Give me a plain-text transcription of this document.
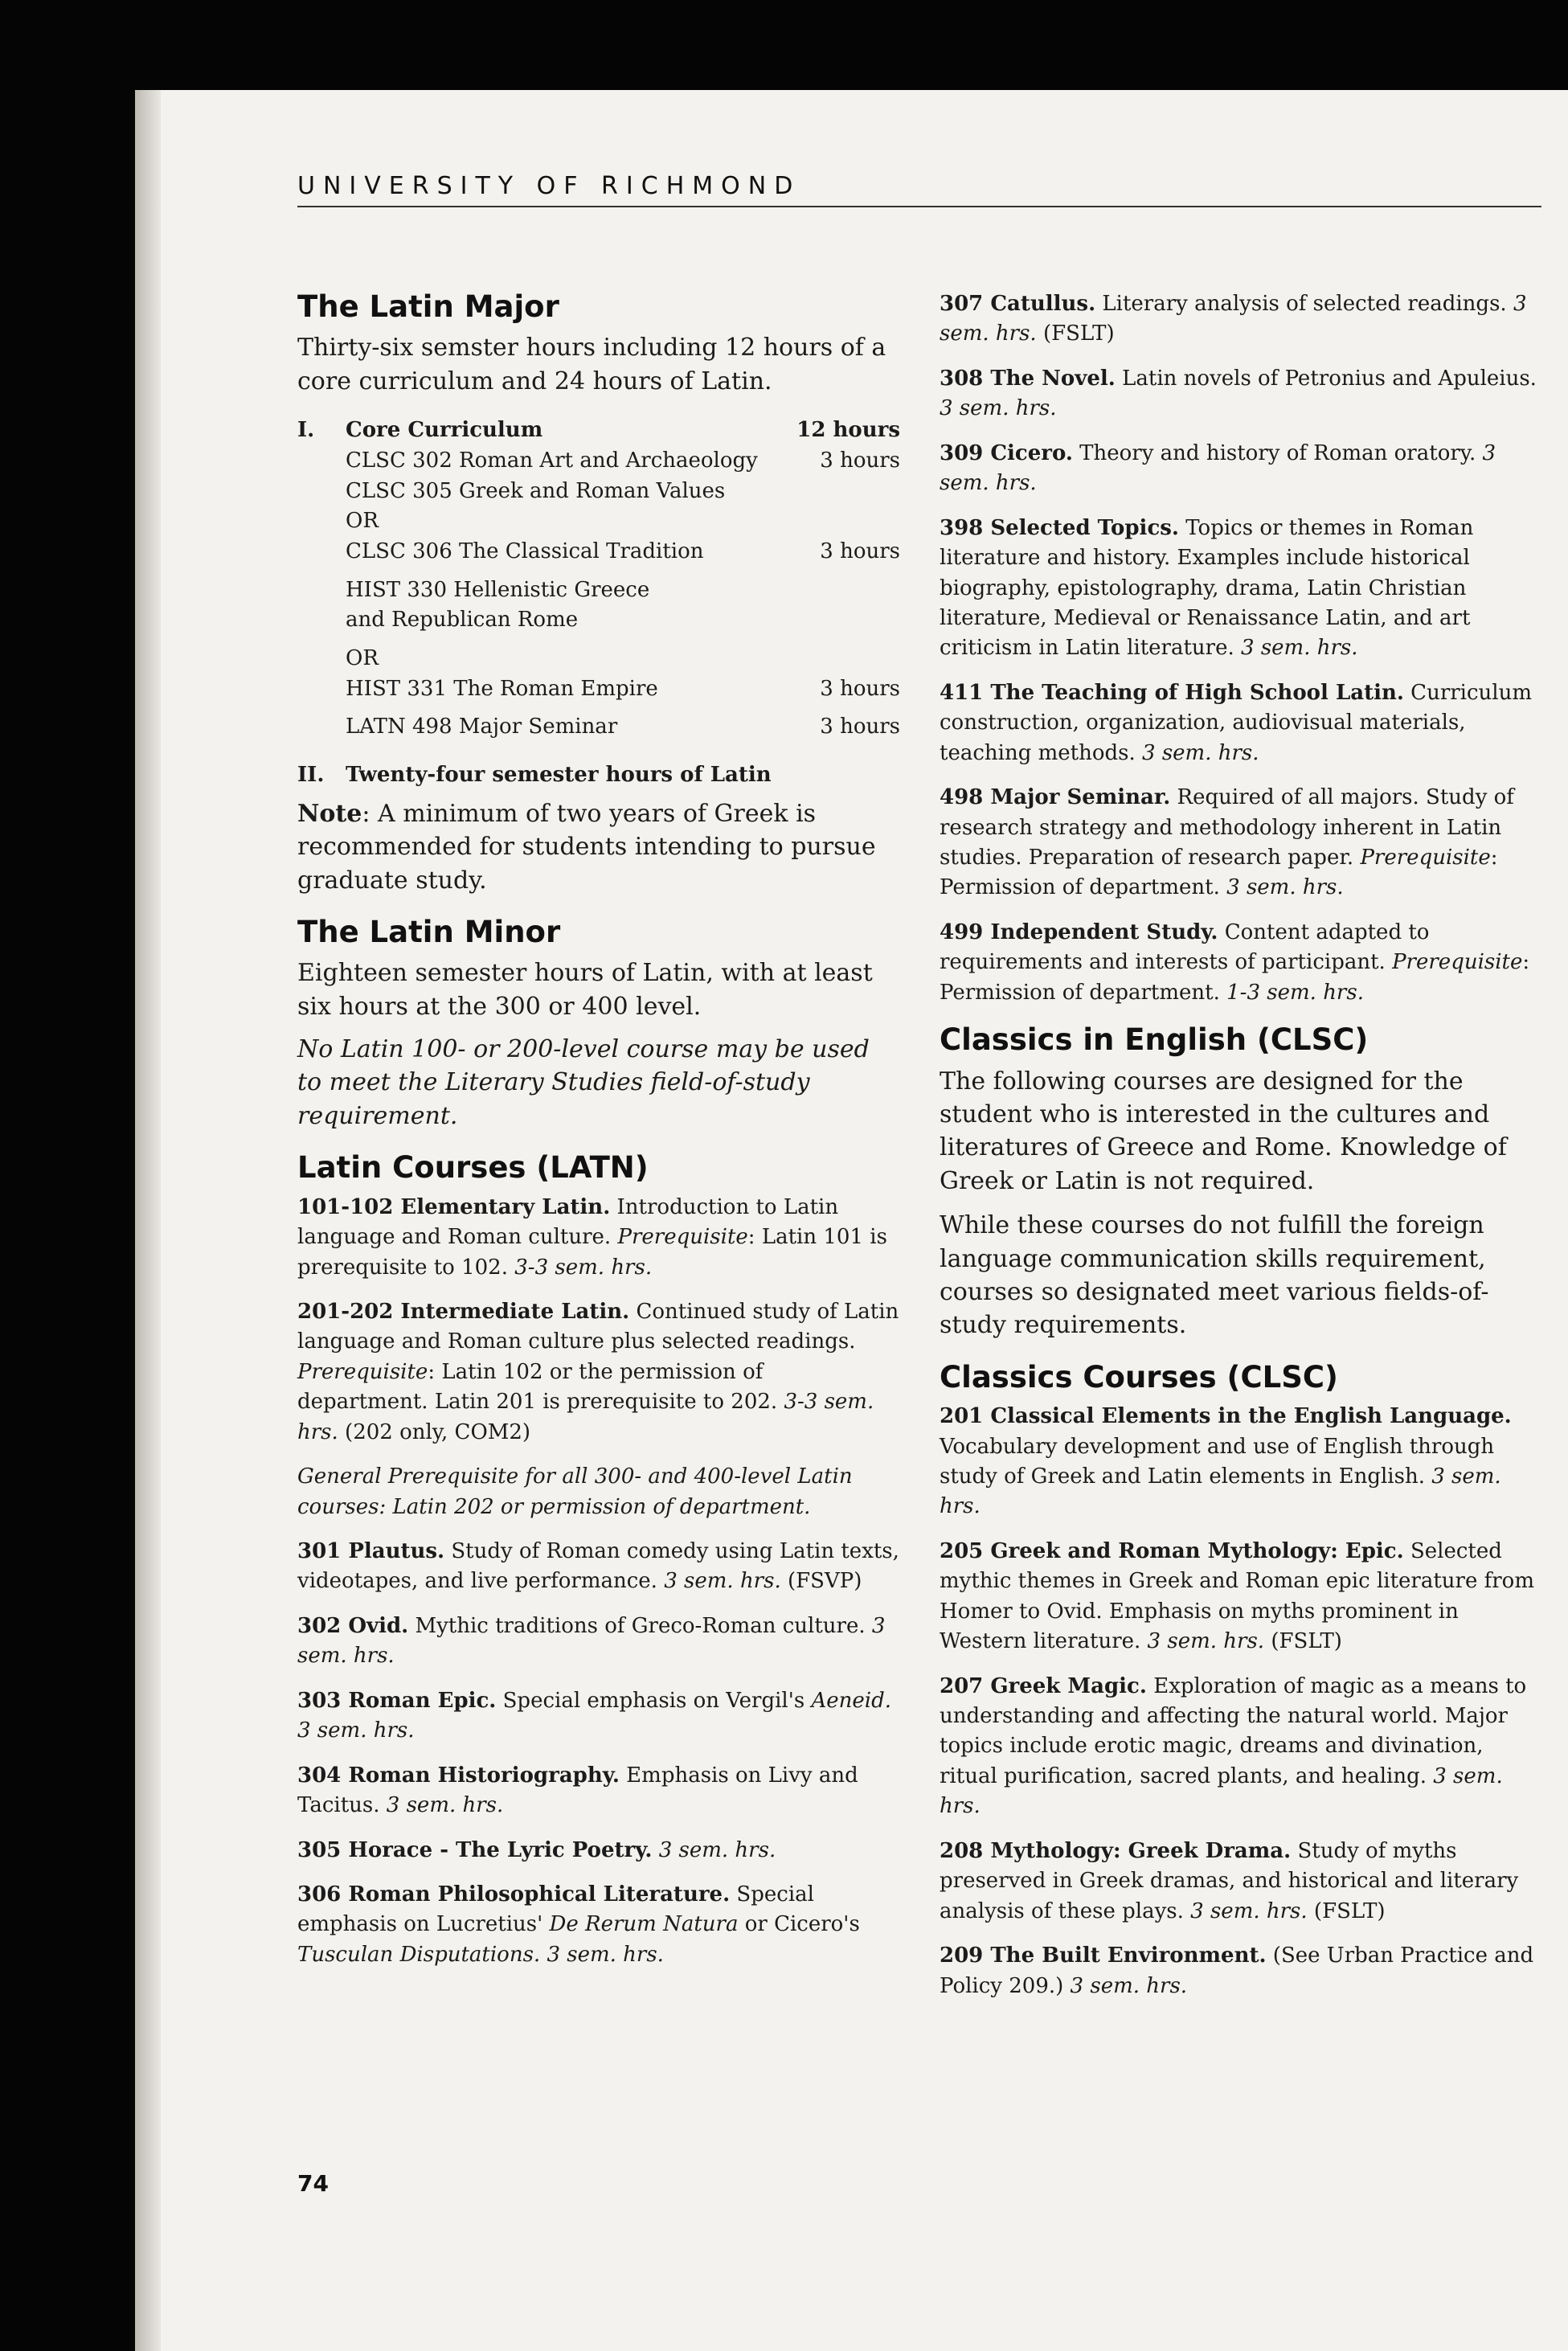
UNIVERSITY OF RICHMOND
The Latin Major

Thirty-six semster hours including 12 hours of a core curriculum and 24 hours of Latin.

I. Core Curriculum	12 hours
CLSC 302 Roman Art and Archaeology	3 hours
CLSC 305 Greek and Roman Values
OR
CLSC 306 The Classical Tradition	3 hours
HIST 330 Hellenistic Greece
and Republican Rome
OR
HIST 331 The Roman Empire	3 hours
LATN 498 Major Seminar	3 hours
II. Twenty-four semester hours of Latin

Note: A minimum of two years of Greek is recommended for students intending to pursue graduate study.

The Latin Minor

Eighteen semester hours of Latin, with at least six hours at the 300 or 400 level.

No Latin 100- or 200-level course may be used to meet the Literary Studies field-of-study requirement.

Latin Courses (LATN)

101-102 Elementary Latin. Introduction to Latin language and Roman culture. Prerequisite: Latin 101 is prerequisite to 102. 3-3 sem. hrs.

201-202 Intermediate Latin. Continued study of Latin language and Roman culture plus selected readings. Prerequisite: Latin 102 or the permission of department. Latin 201 is prerequisite to 202. 3-3 sem. hrs. (202 only, COM2)

General Prerequisite for all 300- and 400-level Latin courses: Latin 202 or permission of department.

301 Plautus. Study of Roman comedy using Latin texts, videotapes, and live performance. 3 sem. hrs. (FSVP)

302 Ovid. Mythic traditions of Greco-Roman culture. 3 sem. hrs.

303 Roman Epic. Special emphasis on Vergil's Aeneid. 3 sem. hrs.

304 Roman Historiography. Emphasis on Livy and Tacitus. 3 sem. hrs.

305 Horace - The Lyric Poetry. 3 sem. hrs.

306 Roman Philosophical Literature. Special emphasis on Lucretius' De Rerum Natura or Cicero's Tusculan Disputations. 3 sem. hrs.

307 Catullus. Literary analysis of selected readings. 3 sem. hrs. (FSLT)

308 The Novel. Latin novels of Petronius and Apuleius. 3 sem. hrs.

309 Cicero. Theory and history of Roman oratory. 3 sem. hrs.

398 Selected Topics. Topics or themes in Roman literature and history. Examples include historical biography, epistolography, drama, Latin Christian literature, Medieval or Renaissance Latin, and art criticism in Latin literature. 3 sem. hrs.

411 The Teaching of High School Latin. Curriculum construction, organization, audiovisual materials, teaching methods. 3 sem. hrs.

498 Major Seminar. Required of all majors. Study of research strategy and methodology inherent in Latin studies. Preparation of research paper. Prerequisite: Permission of department. 3 sem. hrs.

499 Independent Study. Content adapted to requirements and interests of participant. Prerequisite: Permission of department. 1-3 sem. hrs.

Classics in English (CLSC)

The following courses are designed for the student who is interested in the cultures and literatures of Greece and Rome. Knowledge of Greek or Latin is not required.

While these courses do not fulfill the foreign language communication skills requirement, courses so designated meet various fields-of-study requirements.

Classics Courses (CLSC)

201 Classical Elements in the English Language. Vocabulary development and use of English through study of Greek and Latin elements in English. 3 sem. hrs.

205 Greek and Roman Mythology: Epic. Selected mythic themes in Greek and Roman epic literature from Homer to Ovid. Emphasis on myths prominent in Western literature. 3 sem. hrs. (FSLT)

207 Greek Magic. Exploration of magic as a means to understanding and affecting the natural world. Major topics include erotic magic, dreams and divination, ritual purification, sacred plants, and healing. 3 sem. hrs.

208 Mythology: Greek Drama. Study of myths preserved in Greek dramas, and historical and literary analysis of these plays. 3 sem. hrs. (FSLT)

209 The Built Environment. (See Urban Practice and Policy 209.) 3 sem. hrs.

74
